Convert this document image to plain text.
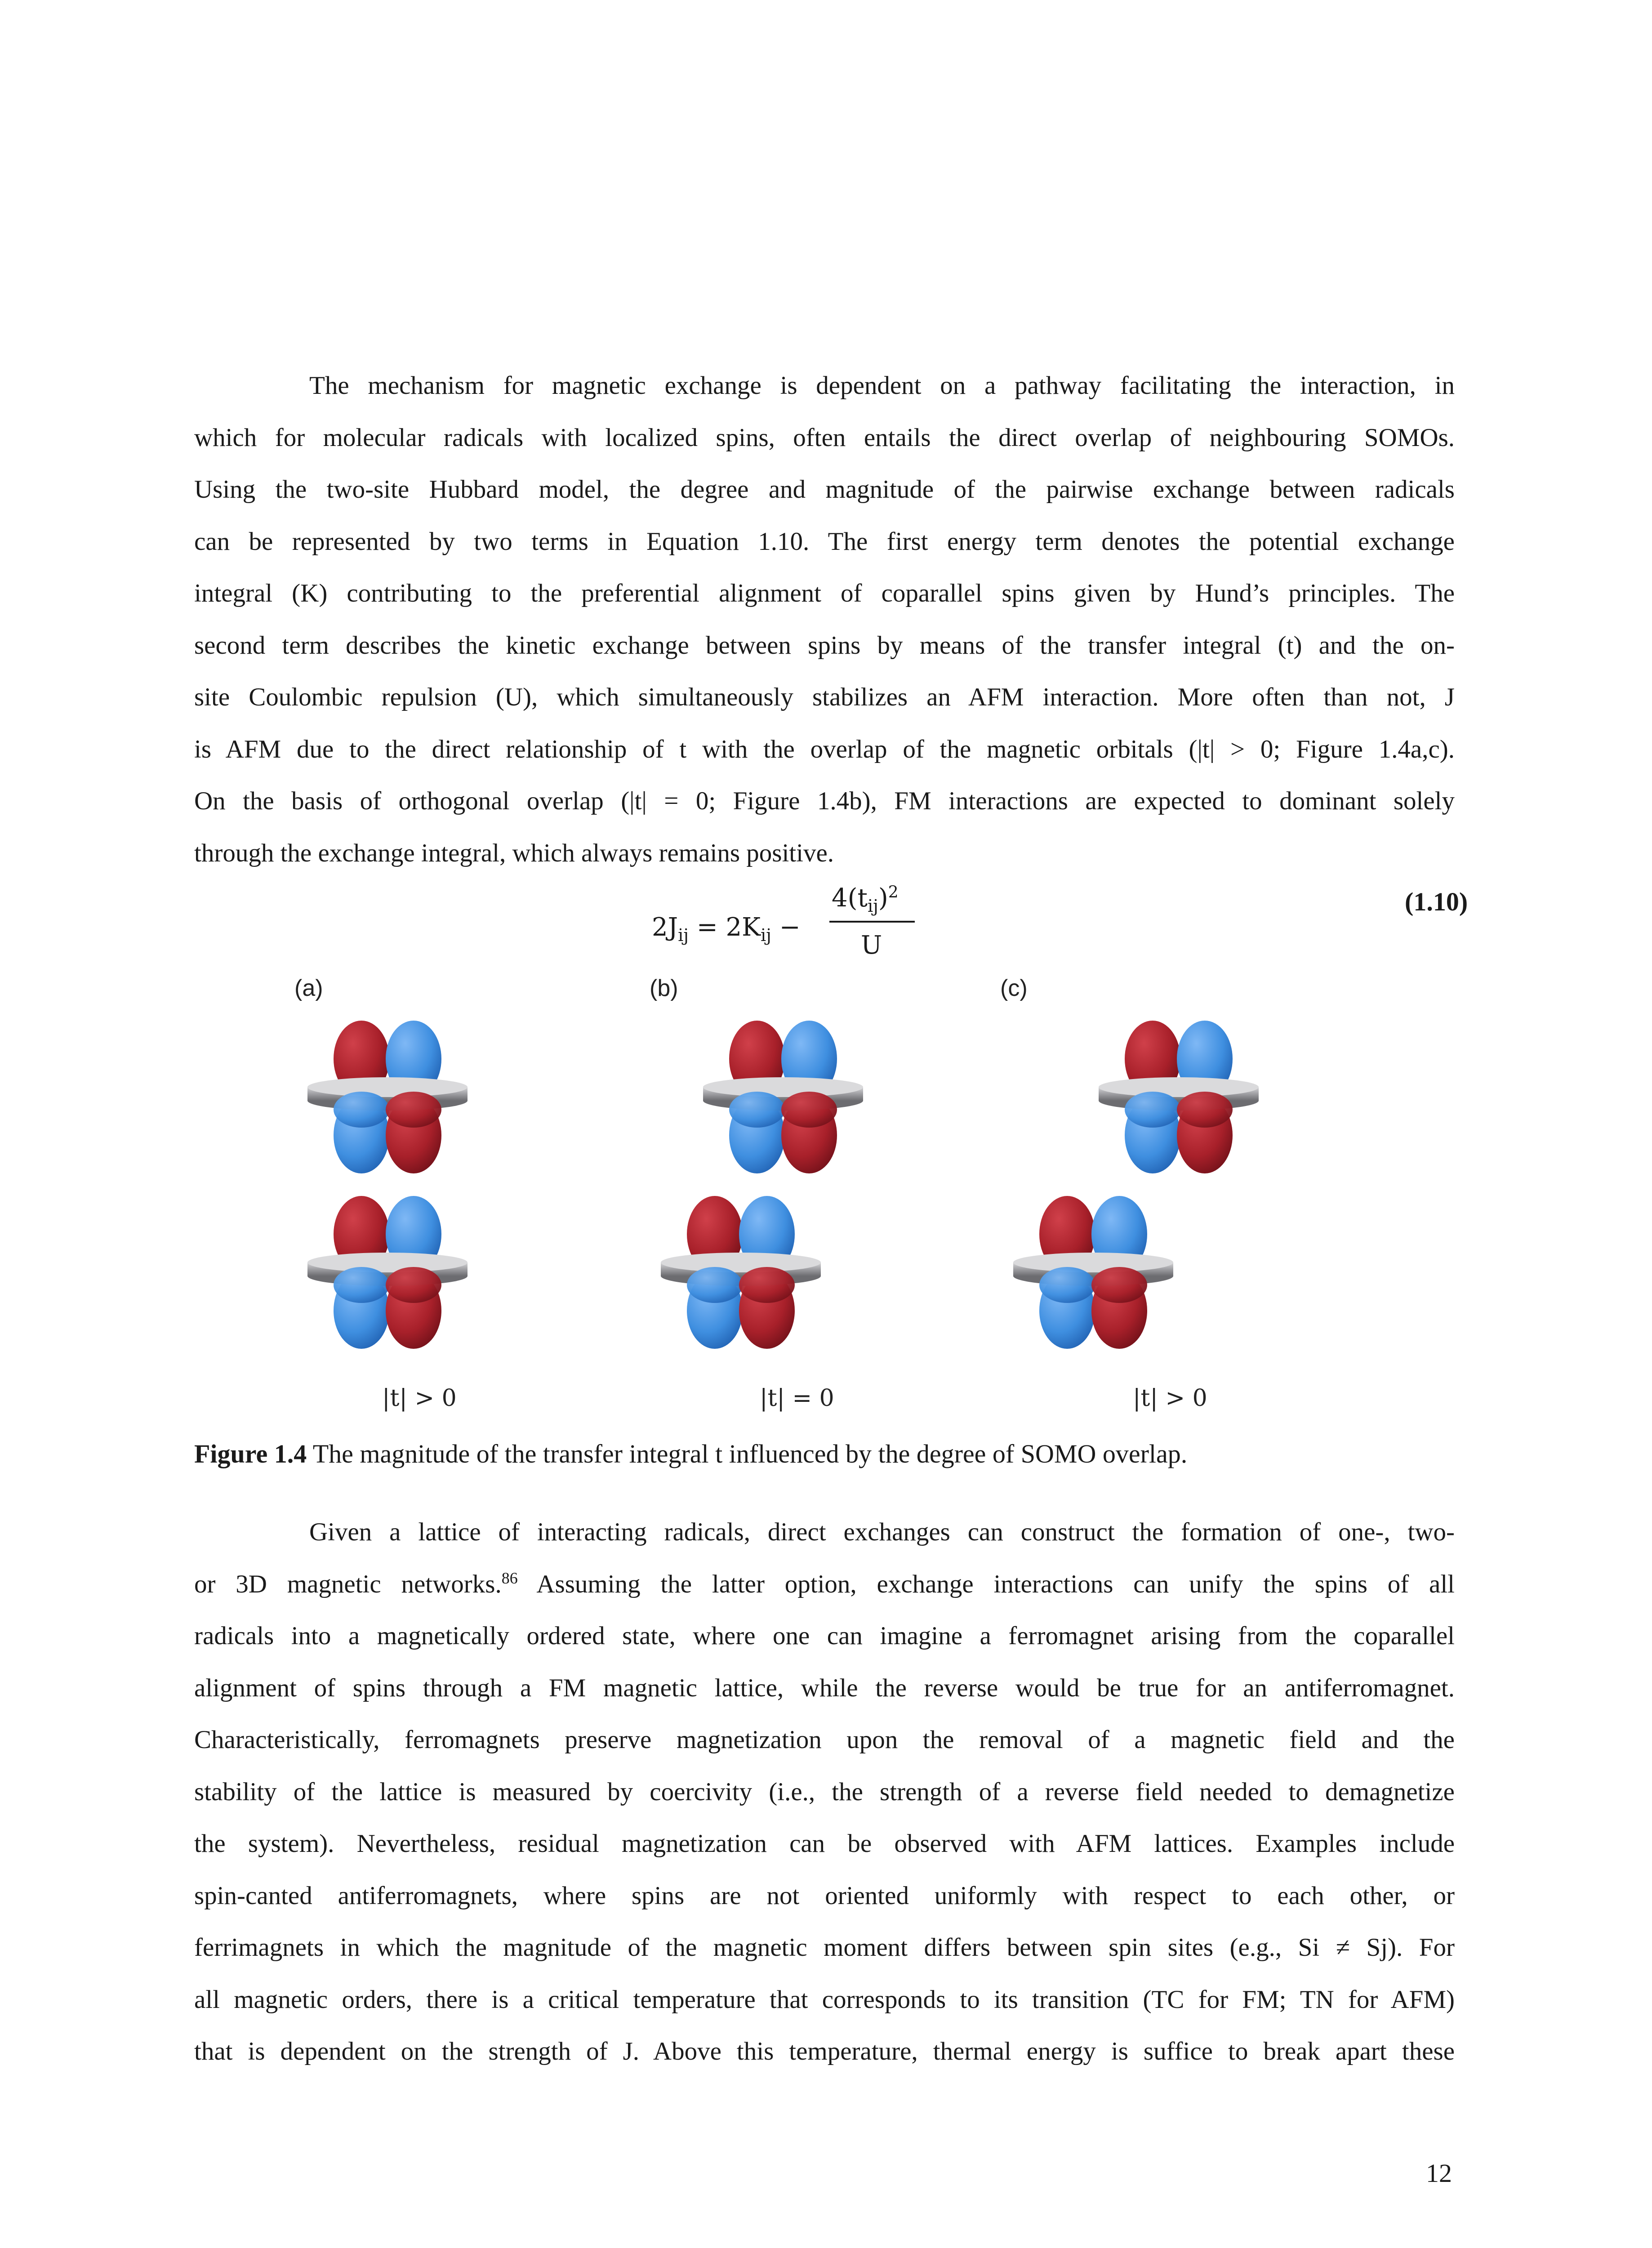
The mechanism for magnetic exchange is dependent on a pathway facilitating the interaction, in
which for molecular radicals with localized spins, often entails the direct overlap of neighbouring SOMOs.
Using the two-site Hubbard model, the degree and magnitude of the pairwise exchange between radicals
can be represented by two terms in Equation 1.10. The first energy term denotes the potential exchange
integral (K) contributing to the preferential alignment of coparallel spins given by Hund’s principles. The
second term describes the kinetic exchange between spins by means of the transfer integral (t) and the on-
site Coulombic repulsion (U), which simultaneously stabilizes an AFM interaction. More often than not, J
is AFM due to the direct relationship of t with the overlap of the magnetic orbitals (|t| > 0; Figure 1.4a,c).
On the basis of orthogonal overlap (|t| = 0; Figure 1.4b), FM interactions are expected to dominant solely
through the exchange integral, which always remains positive.
$2J_{ij} = 2K_{ij}$ −
$4(t_{ij})^2$
U
(1.10)
(a)	(b)	(c)
|t| > 0	|t| = 0	|t| > 0
Figure 1.4 The magnitude of the transfer integral t influenced by the degree of SOMO overlap.
Given a lattice of interacting radicals, direct exchanges can construct the formation of one-, two-
or 3D magnetic networks.$^{86}$ Assuming the latter option, exchange interactions can unify the spins of all
radicals into a magnetically ordered state, where one can imagine a ferromagnet arising from the coparallel
alignment of spins through a FM magnetic lattice, while the reverse would be true for an antiferromagnet.
Characteristically, ferromagnets preserve magnetization upon the removal of a magnetic field and the
stability of the lattice is measured by coercivity (i.e., the strength of a reverse field needed to demagnetize
the system). Nevertheless, residual magnetization can be observed with AFM lattices. Examples include
spin-canted antiferromagnets, where spins are not oriented uniformly with respect to each other, or
ferrimagnets in which the magnitude of the magnetic moment differs between spin sites (e.g., Si ≠ Sj). For
all magnetic orders, there is a critical temperature that corresponds to its transition (TC for FM; TN for AFM)
that is dependent on the strength of J. Above this temperature, thermal energy is suffice to break apart these
12
